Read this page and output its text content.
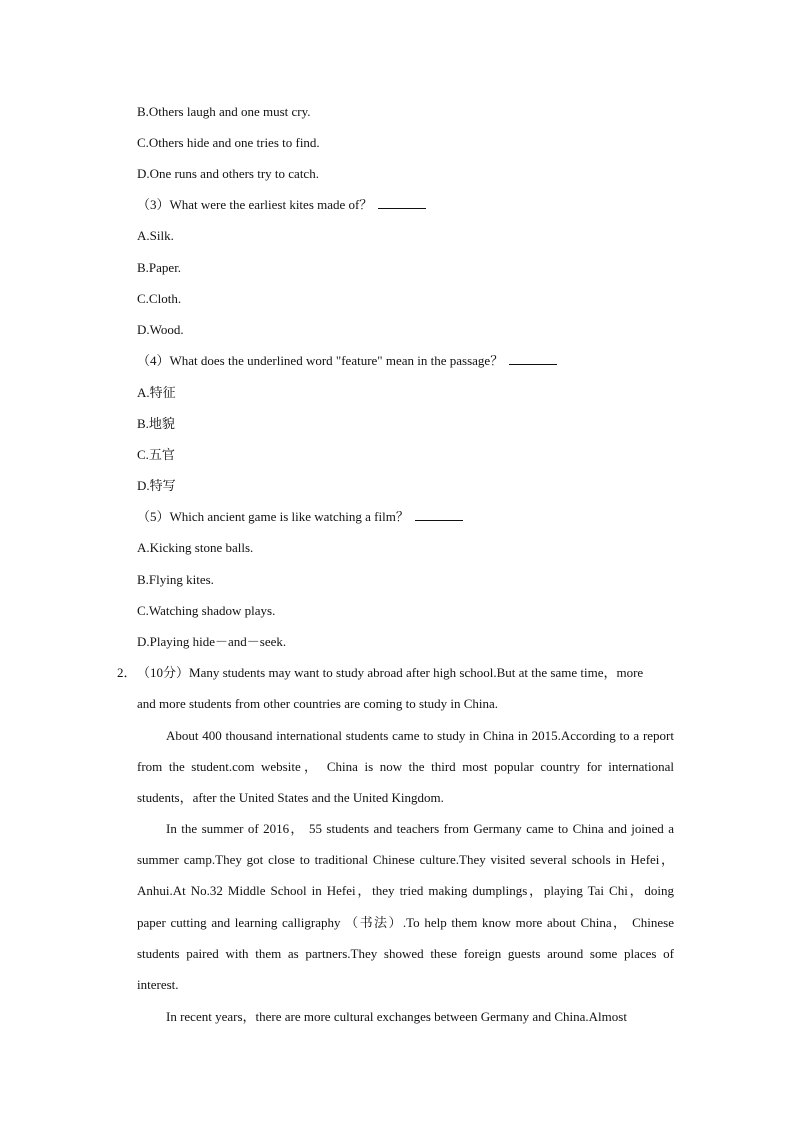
B.Others laugh and one must cry.
C.Others hide and one tries to find.
D.One runs and others try to catch.
（3）What were the earliest kites made of？
A.Silk.
B.Paper.
C.Cloth.
D.Wood.
（4）What does the underlined word "feature" mean in the passage？
A.特征
B.地貌
C.五官
D.特写
（5）Which ancient game is like watching a film？
A.Kicking stone balls.
B.Flying kites.
C.Watching shadow plays.
D.Playing hide－and－seek.
2． （10分）Many students may want to study abroad after high school.But at the same time，more
and more students from other countries are coming to study in China.
About 400 thousand international students came to study in China in 2015.According to a report from the student.com website， China is now the third most popular country for international students，after the United States and the United Kingdom.
In the summer of 2016， 55 students and teachers from Germany came to China and joined a summer camp.They got close to traditional Chinese culture.They visited several schools in Hefei，Anhui.At No.32 Middle School in Hefei，they tried making dumplings，playing Tai Chi，doing paper cutting and learning calligraphy （书法）.To help them know more about China， Chinese students paired with them as partners.They showed these foreign guests around some places of interest.
In recent years，there are more cultural exchanges between Germany and China.Almost
